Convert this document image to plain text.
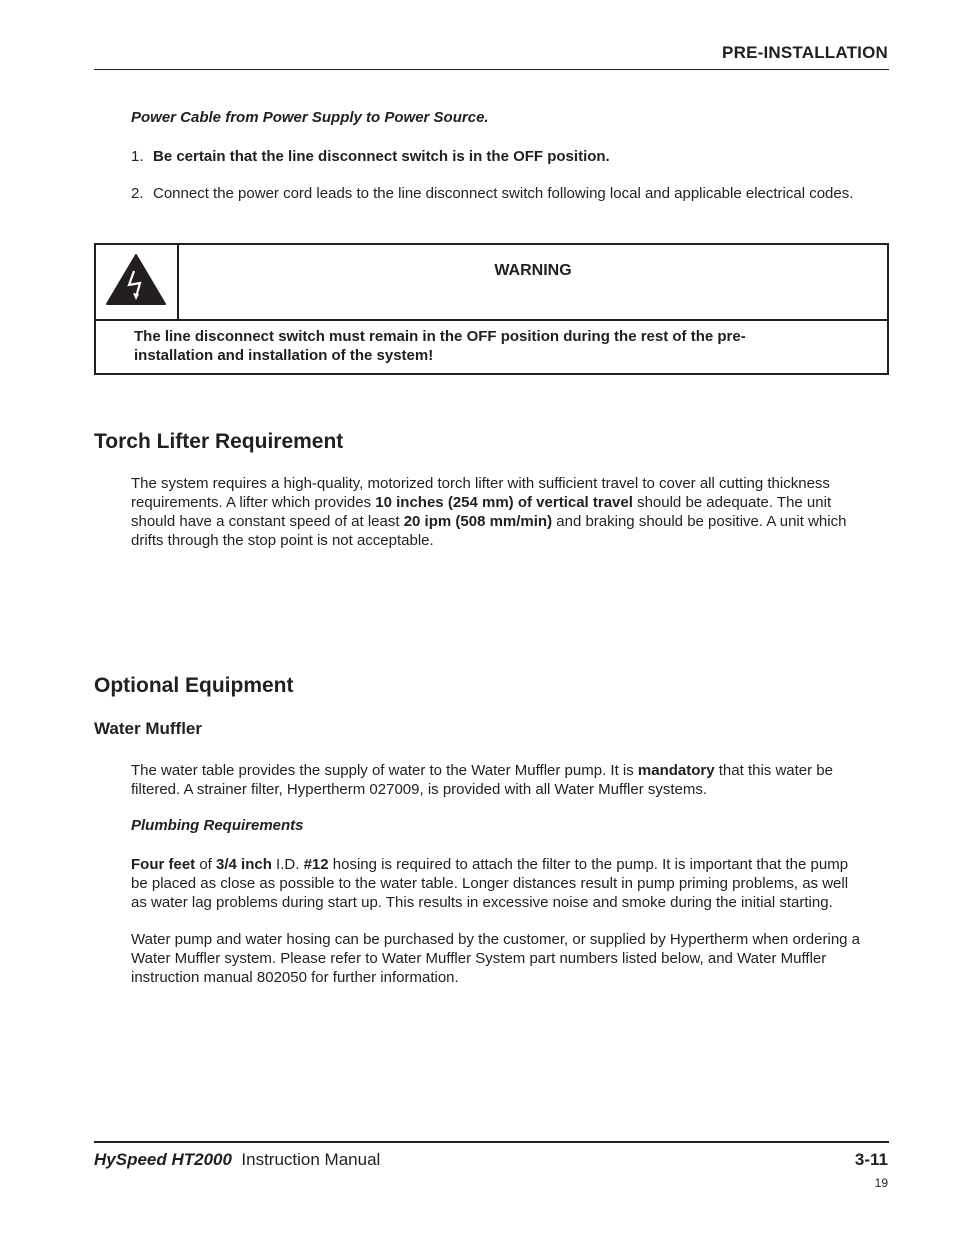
PRE-INSTALLATION
Power Cable from Power Supply to Power Source.
1. Be certain that the line disconnect switch is in the OFF position.
2. Connect the power cord leads to the line disconnect switch following local and applicable electrical codes.
WARNING
The line disconnect switch must remain in the OFF position during the rest of the pre-
installation and installation of the system!
Torch Lifter Requirement
The system requires a high-quality, motorized torch lifter with sufficient travel to cover all cutting thickness
requirements. A lifter which provides 10 inches (254 mm) of vertical travel should be adequate. The unit
should have a constant speed of at least 20 ipm (508 mm/min) and braking should be positive. A unit which
drifts through the stop point is not acceptable.
Optional Equipment
Water Muffler
The water table provides the supply of water to the Water Muffler pump. It is mandatory that this water be
filtered. A strainer filter, Hypertherm 027009, is provided with all Water Muffler systems.
Plumbing Requirements
Four feet of 3/4 inch I.D. #12 hosing is required to attach the filter to the pump. It is important that the pump
be placed as close as possible to the water table. Longer distances result in pump priming problems, as well
as water lag problems during start up. This results in excessive noise and smoke during the initial starting.
Water pump and water hosing can be purchased by the customer, or supplied by Hypertherm when ordering a
Water Muffler system. Please refer to Water Muffler System part numbers listed below, and Water Muffler
instruction manual 802050 for further information.
HySpeed HT2000 Instruction Manual	3-11
19
